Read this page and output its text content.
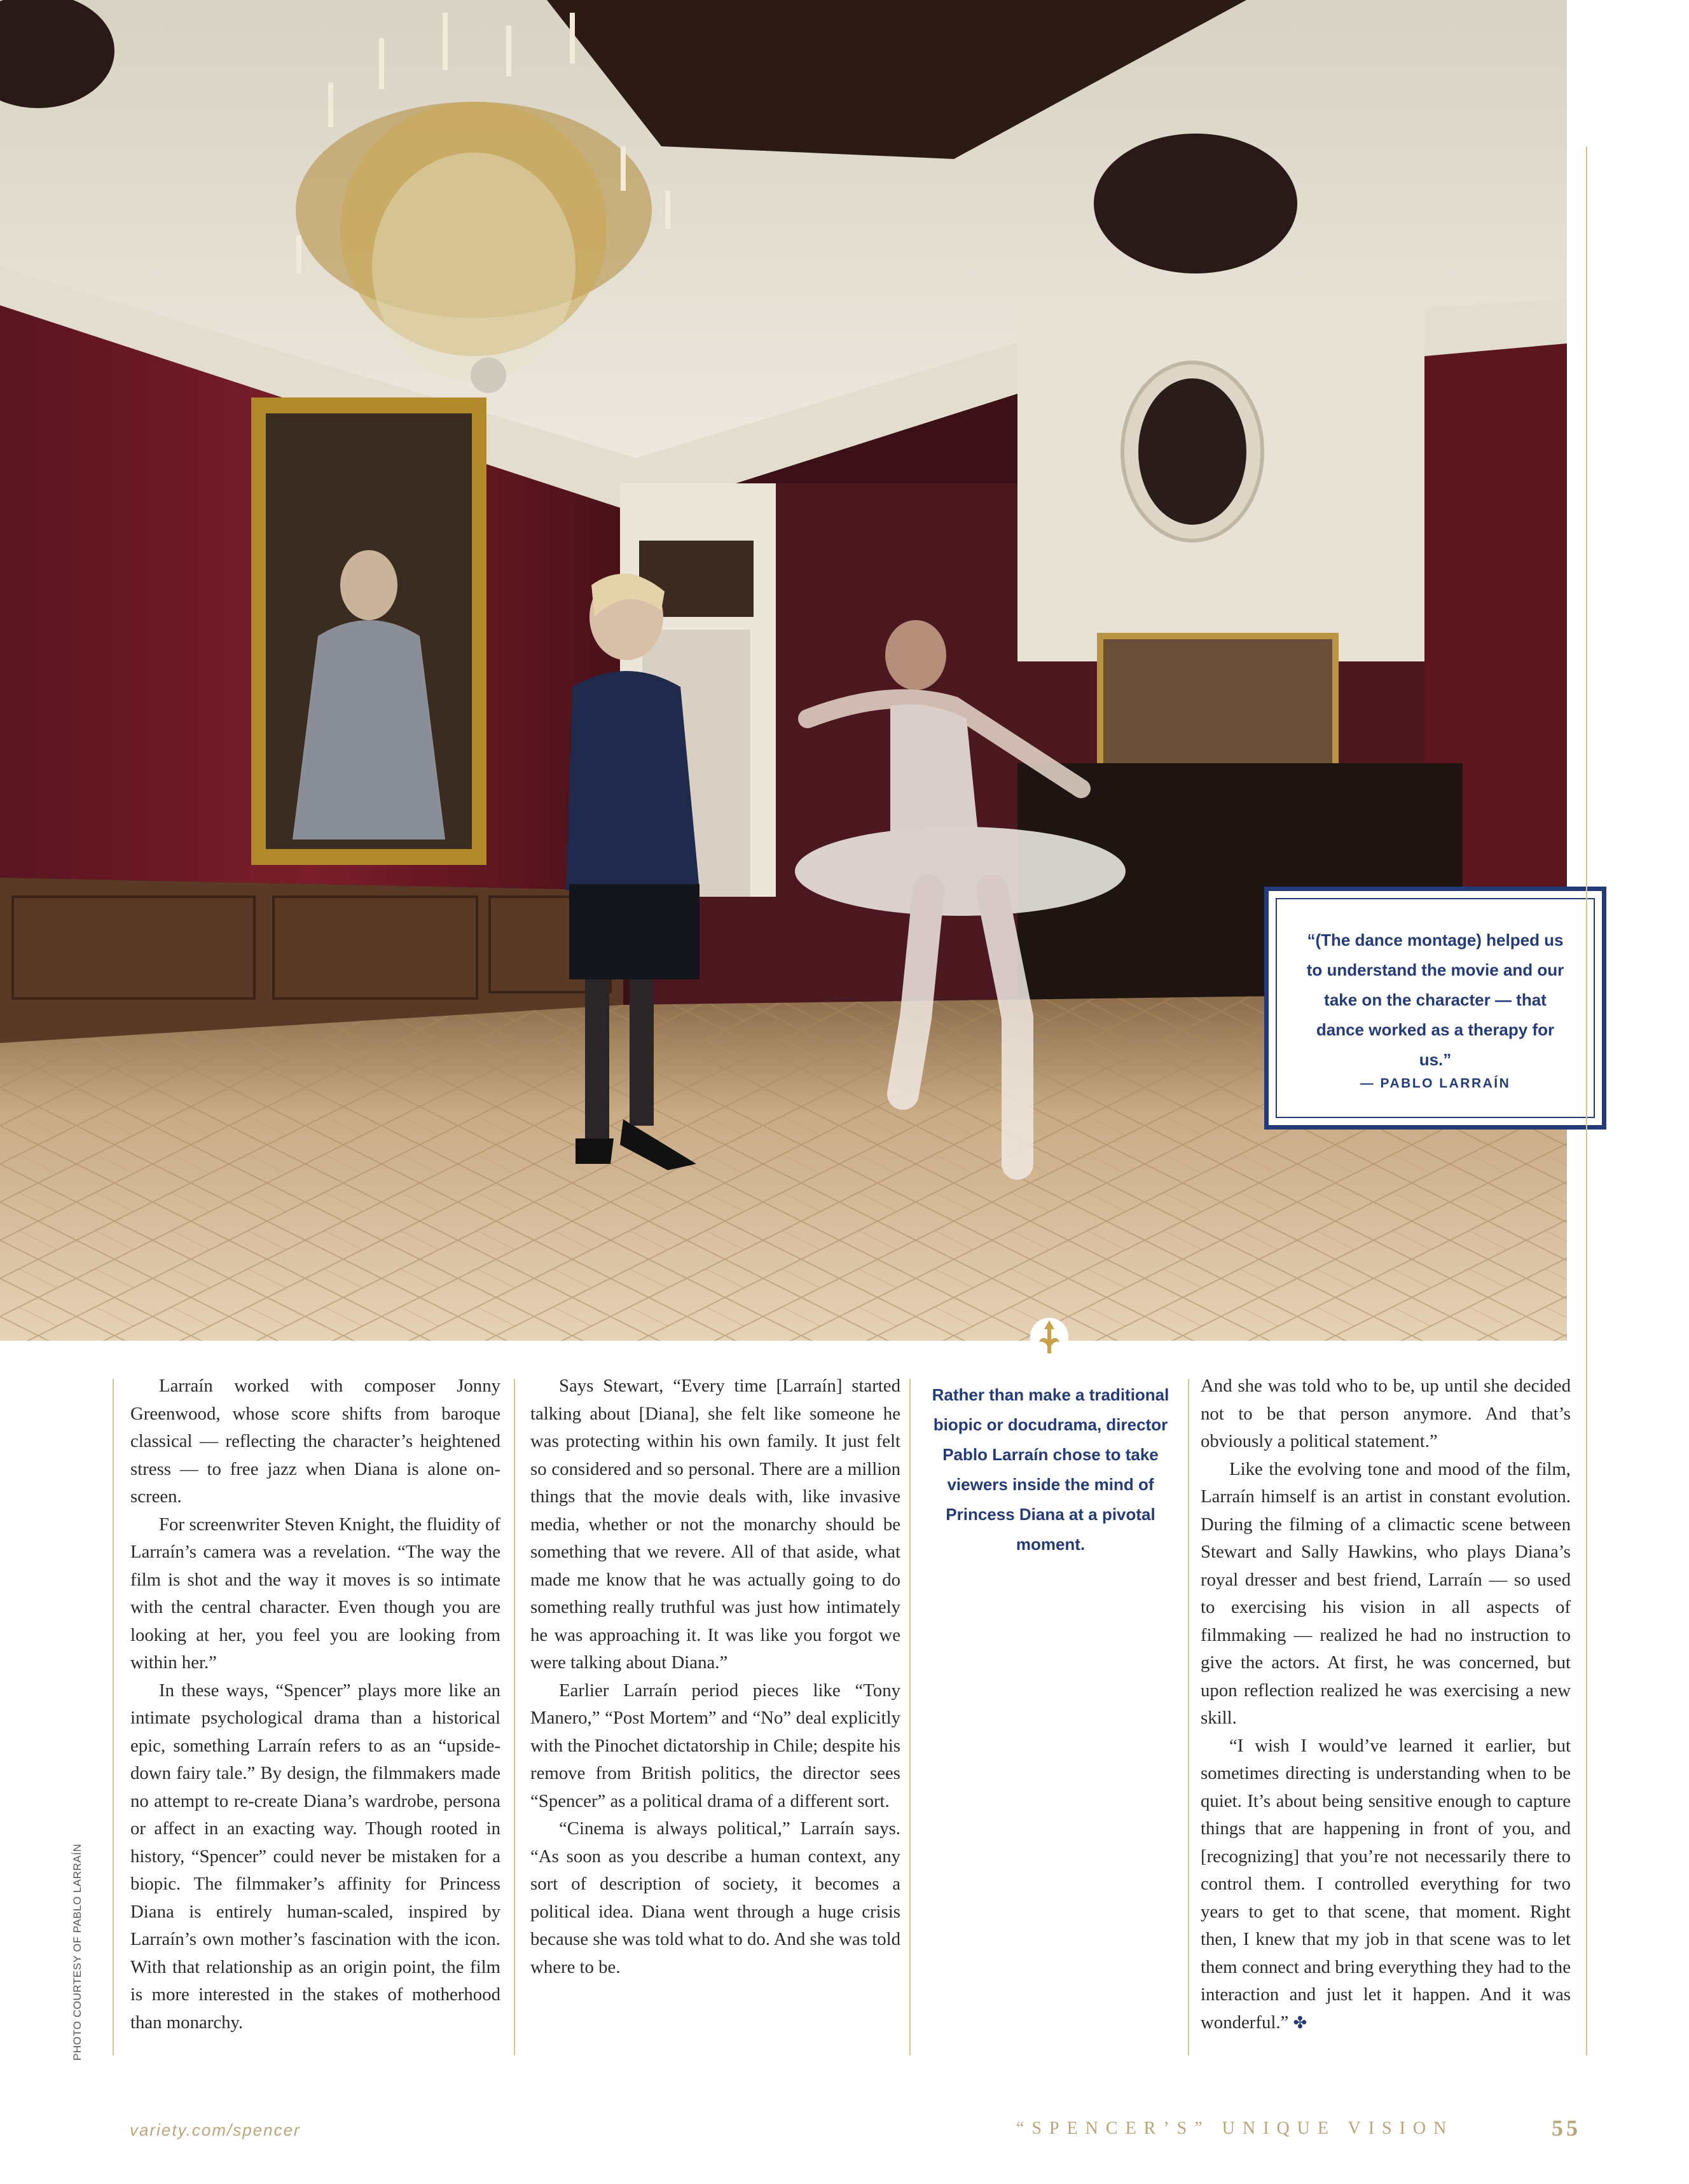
PHOTO COURTESY OF PABLO LARRAÍN
“(The dance montage) helped us to understand the movie and our take on the character — that dance worked as a therapy for us.”
— PABLO LARRAÍN

Larraín worked with composer Jonny Greenwood, whose score shifts from baroque classical — reflecting the character’s heightened stress — to free jazz when Diana is alone on-screen.

For screenwriter Steven Knight, the fluidity of Larraín’s camera was a revelation. “The way the film is shot and the way it moves is so intimate with the central character. Even though you are looking at her, you feel you are looking from within her.”

In these ways, “Spencer” plays more like an intimate psychological drama than a historical epic, something Larraín refers to as an “upside-down fairy tale.” By design, the filmmakers made no attempt to re-create Diana’s wardrobe, persona or affect in an exacting way. Though rooted in history, “Spencer” could never be mistaken for a biopic. The filmmaker’s affinity for Princess Diana is entirely human-scaled, inspired by Larraín’s own mother’s fascination with the icon. With that relationship as an origin point, the film is more interested in the stakes of motherhood than monarchy.

Says Stewart, “Every time [Larraín] started talking about [Diana], she felt like someone he was protecting within his own family. It just felt so considered and so personal. There are a million things that the movie deals with, like invasive media, whether or not the monarchy should be something that we revere. All of that aside, what made me know that he was actually going to do something really truthful was just how intimately he was approaching it. It was like you forgot we were talking about Diana.”

Earlier Larraín period pieces like “Tony Manero,” “Post Mortem” and “No” deal explicitly with the Pinochet dictatorship in Chile; despite his remove from British politics, the director sees “Spencer” as a political drama of a different sort.

“Cinema is always political,” Larraín says. “As soon as you describe a human context, any sort of description of society, it becomes a political idea. Diana went through a huge crisis because she was told what to do. And she was told where to be.

Rather than make a traditional biopic or docudrama, director Pablo Larraín chose to take viewers inside the mind of Princess Diana at a pivotal moment.

And she was told who to be, up until she decided not to be that person anymore. And that’s obviously a political statement.”

Like the evolving tone and mood of the film, Larraín himself is an artist in constant evolution. During the filming of a climactic scene between Stewart and Sally Hawkins, who plays Diana’s royal dresser and best friend, Larraín — so used to exercising his vision in all aspects of filmmaking — realized he had no instruction to give the actors. At first, he was concerned, but upon reflection realized he was exercising a new skill.

“I wish I would’ve learned it earlier, but sometimes directing is understanding when to be quiet. It’s about being sensitive enough to capture things that are happening in front of you, and [recognizing] that you’re not necessarily there to control them. I controlled everything for two years to get to that scene, that moment. Right then, I knew that my job in that scene was to let them connect and bring everything they had to the interaction and just let it happen. And it was wonderful.” ✤

variety.com/spencer	“SPENCER’S” UNIQUE VISION	55
